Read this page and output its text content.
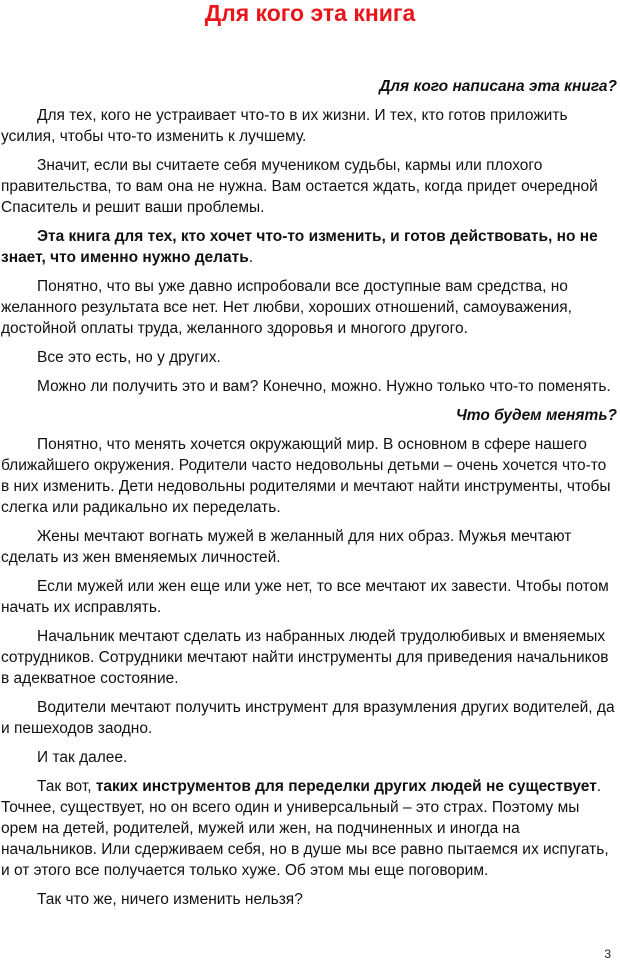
Для кого эта книга

Для кого написана эта книга?

Для тех, кого не устраивает что-то в их жизни. И тех, кто готов приложить усилия, чтобы что-то изменить к лучшему.

Значит, если вы считаете себя мучеником судьбы, кармы или плохого правительства, то вам она не нужна. Вам остается ждать, когда придет очередной Спаситель и решит ваши проблемы.

Эта книга для тех, кто хочет что-то изменить, и готов действовать, но не знает, что именно нужно делать.

Понятно, что вы уже давно испробовали все доступные вам средства, но желанного результата все нет. Нет любви, хороших отношений, самоуважения, достойной оплаты труда, желанного здоровья и многого другого.

Все это есть, но у других.

Можно ли получить это и вам? Конечно, можно. Нужно только что-то поменять.

Что будем менять?

Понятно, что менять хочется окружающий мир. В основном в сфере нашего ближайшего окружения. Родители часто недовольны детьми – очень хочется что-то в них изменить. Дети недовольны родителями и мечтают найти инструменты, чтобы слегка или радикально их переделать.

Жены мечтают вогнать мужей в желанный для них образ. Мужья мечтают сделать из жен вменяемых личностей.

Если мужей или жен еще или уже нет, то все мечтают их завести. Чтобы потом начать их исправлять.

Начальник мечтают сделать из набранных людей трудолюбивых и вменяемых сотрудников. Сотрудники мечтают найти инструменты для приведения начальников в адекватное состояние.

Водители мечтают получить инструмент для вразумления других водителей, да и пешеходов заодно.

И так далее.

Так вот, таких инструментов для переделки других людей не существует. Точнее, существует, но он всего один и универсальный – это страх. Поэтому мы орем на детей, родителей, мужей или жен, на подчиненных и иногда на начальников. Или сдерживаем себя, но в душе мы все равно пытаемся их испугать, и от этого все получается только хуже. Об этом мы еще поговорим.

Так что же, ничего изменить нельзя?

3
